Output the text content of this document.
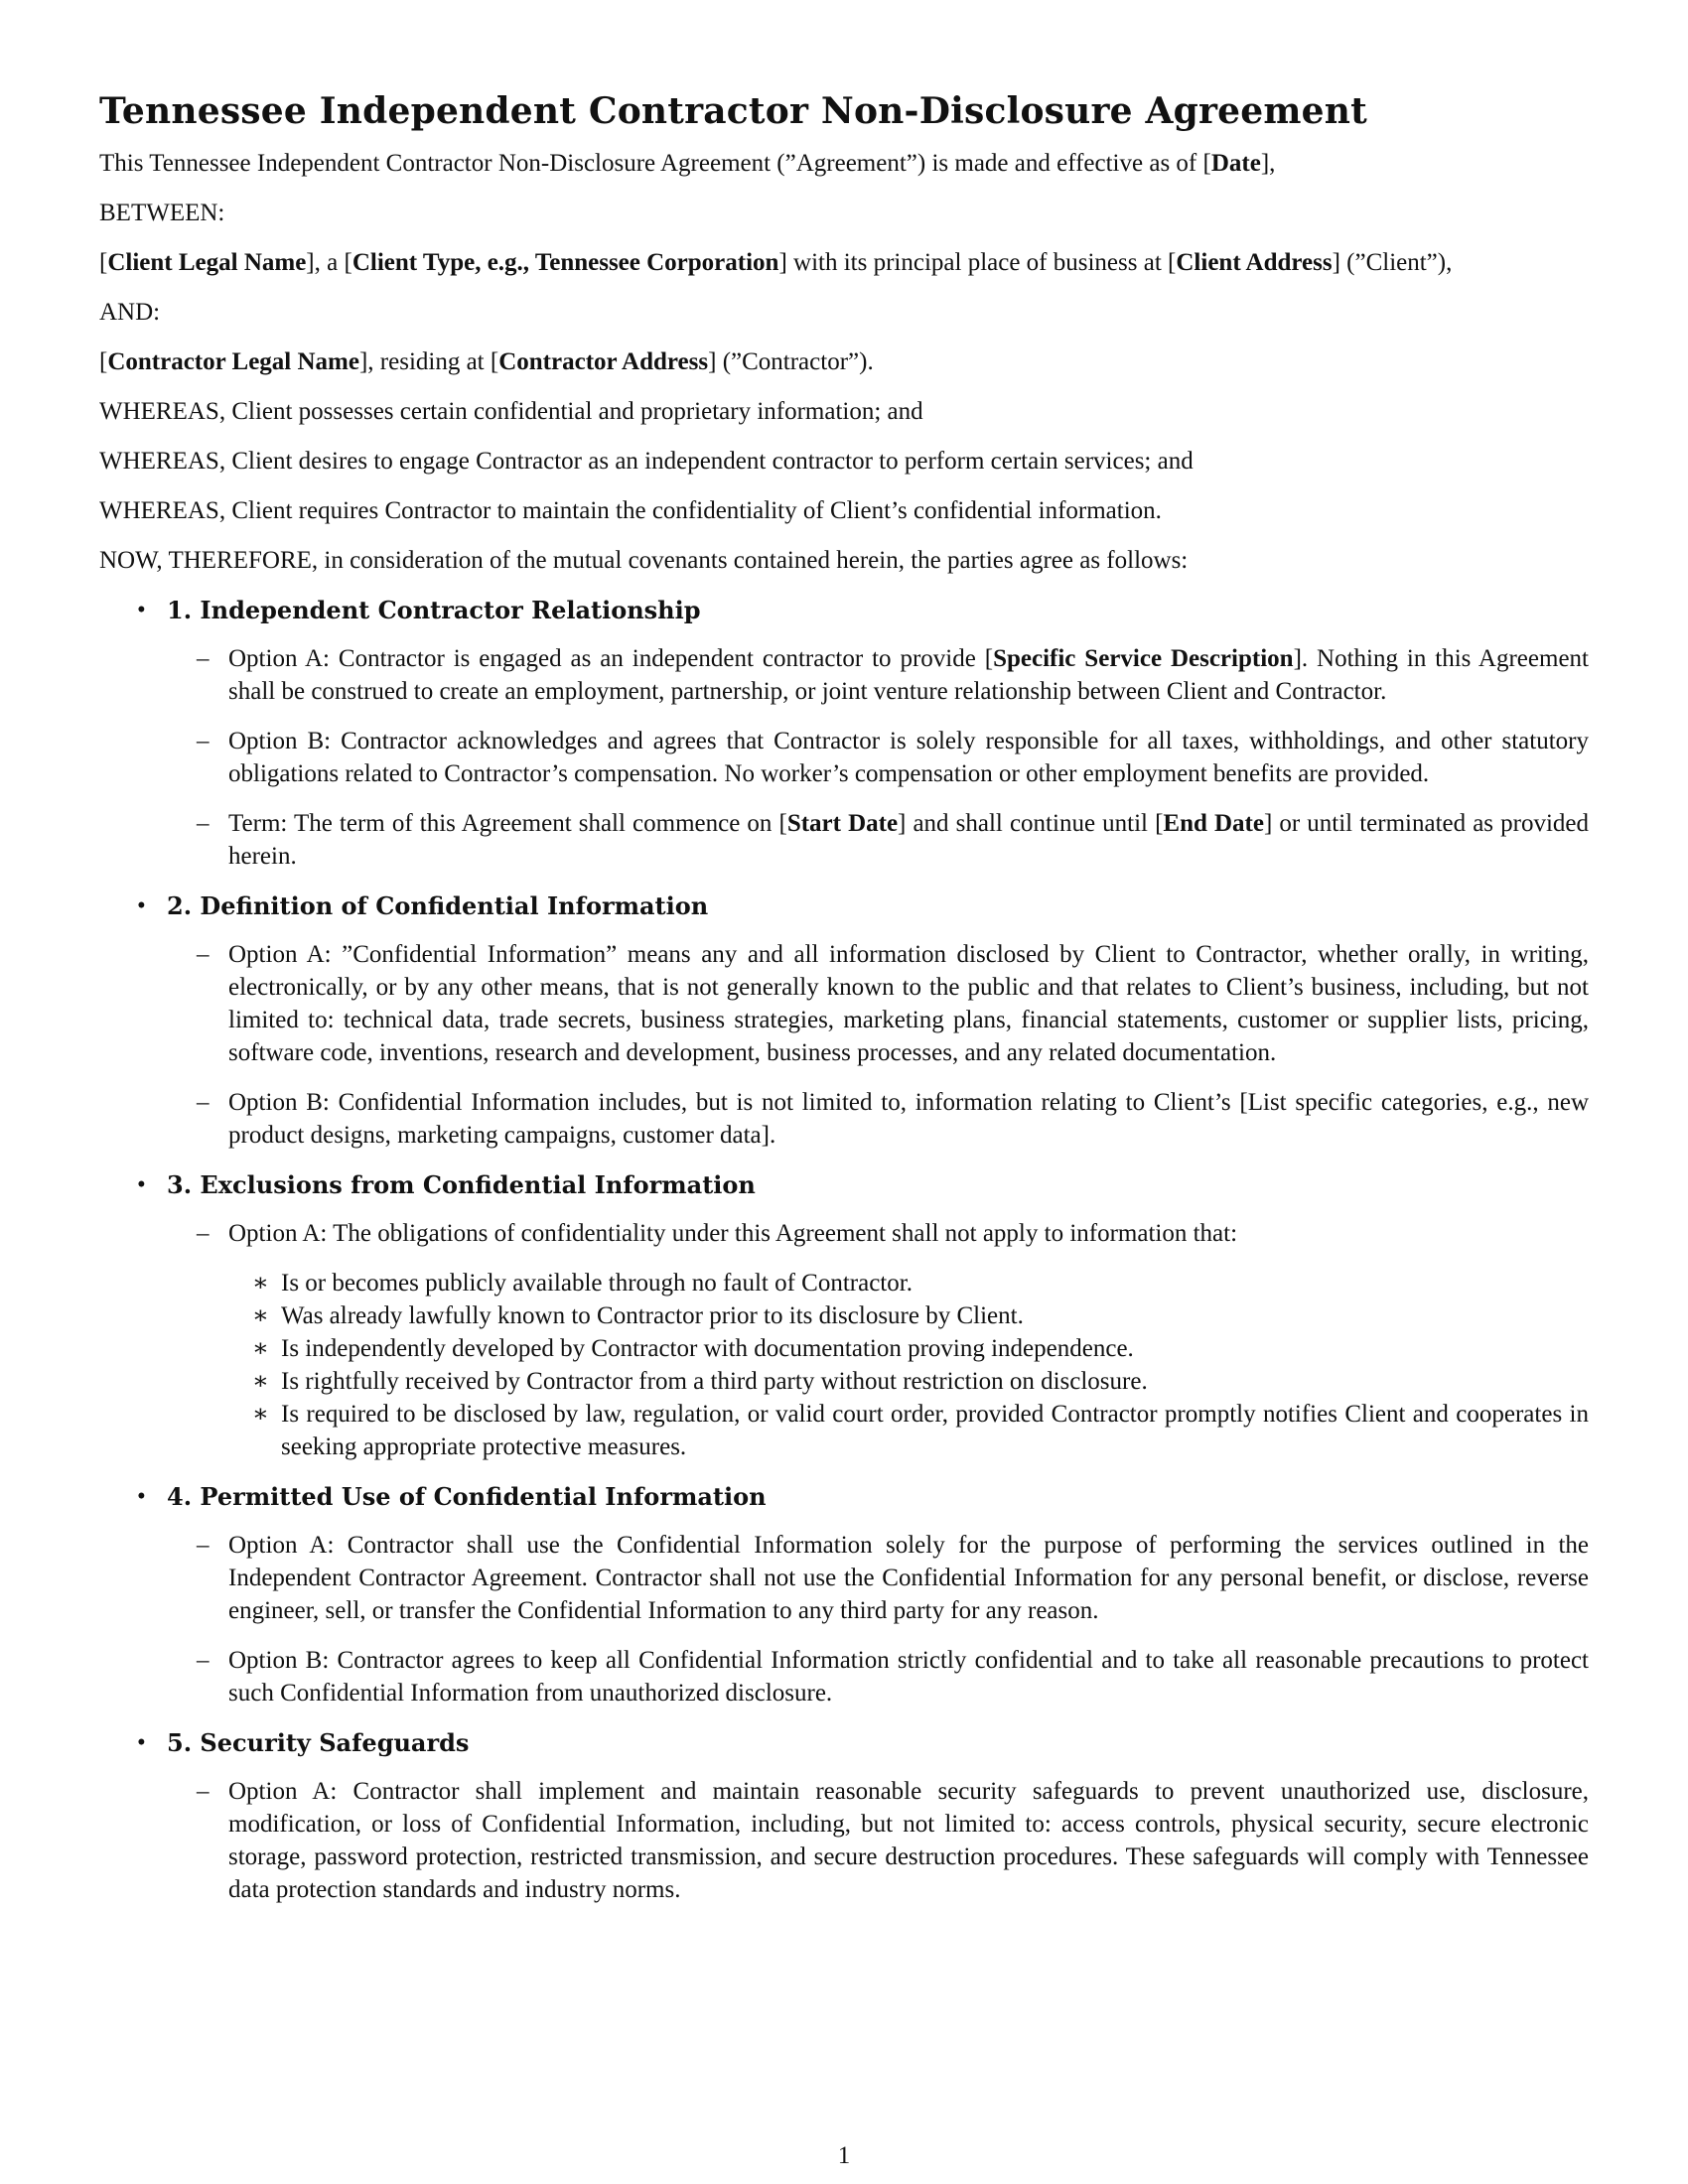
Tennessee Independent Contractor Non-Disclosure Agreement

This Tennessee Independent Contractor Non-Disclosure Agreement (”Agreement”) is made and effective as of [Date],

BETWEEN:

[Client Legal Name], a [Client Type, e.g., Tennessee Corporation] with its principal place of business at [Client Address] (”Client”),

AND:

[Contractor Legal Name], residing at [Contractor Address] (”Contractor”).

WHEREAS, Client possesses certain confidential and proprietary information; and

WHEREAS, Client desires to engage Contractor as an independent contractor to perform certain services; and

WHEREAS, Client requires Contractor to maintain the confidentiality of Client’s confidential information.

NOW, THEREFORE, in consideration of the mutual covenants contained herein, the parties agree as follows:

• 1. Independent Contractor Relationship
– Option A: Contractor is engaged as an independent contractor to provide [Specific Service Description]. Nothing in this Agreement shall be construed to create an employment, partnership, or joint venture relationship between Client and Contractor.
– Option B: Contractor acknowledges and agrees that Contractor is solely responsible for all taxes, withholdings, and other statutory obligations related to Contractor’s compensation. No worker’s compensation or other employment benefits are provided.
– Term: The term of this Agreement shall commence on [Start Date] and shall continue until [End Date] or until terminated as provided herein.
• 2. Definition of Confidential Information
– Option A: ”Confidential Information” means any and all information disclosed by Client to Contractor, whether orally, in writing, electronically, or by any other means, that is not generally known to the public and that relates to Client’s business, including, but not limited to: technical data, trade secrets, business strategies, marketing plans, financial statements, customer or supplier lists, pricing, software code, inventions, research and development, business processes, and any related documentation.
– Option B: Confidential Information includes, but is not limited to, information relating to Client’s [List specific categories, e.g., new product designs, marketing campaigns, customer data].
• 3. Exclusions from Confidential Information
– Option A: The obligations of confidentiality under this Agreement shall not apply to information that:
∗ Is or becomes publicly available through no fault of Contractor.
∗ Was already lawfully known to Contractor prior to its disclosure by Client.
∗ Is independently developed by Contractor with documentation proving independence.
∗ Is rightfully received by Contractor from a third party without restriction on disclosure.
∗ Is required to be disclosed by law, regulation, or valid court order, provided Contractor promptly notifies Client and cooperates in seeking appropriate protective measures.
• 4. Permitted Use of Confidential Information
– Option A: Contractor shall use the Confidential Information solely for the purpose of performing the services outlined in the Independent Contractor Agreement. Contractor shall not use the Confidential Information for any personal benefit, or disclose, reverse engineer, sell, or transfer the Confidential Information to any third party for any reason.
– Option B: Contractor agrees to keep all Confidential Information strictly confidential and to take all reasonable precautions to protect such Confidential Information from unauthorized disclosure.
• 5. Security Safeguards
– Option A: Contractor shall implement and maintain reasonable security safeguards to prevent unauthorized use, disclosure, modification, or loss of Confidential Information, including, but not limited to: access controls, physical security, secure electronic storage, password protection, restricted transmission, and secure destruction procedures. These safeguards will comply with Tennessee data protection standards and industry norms.
1
